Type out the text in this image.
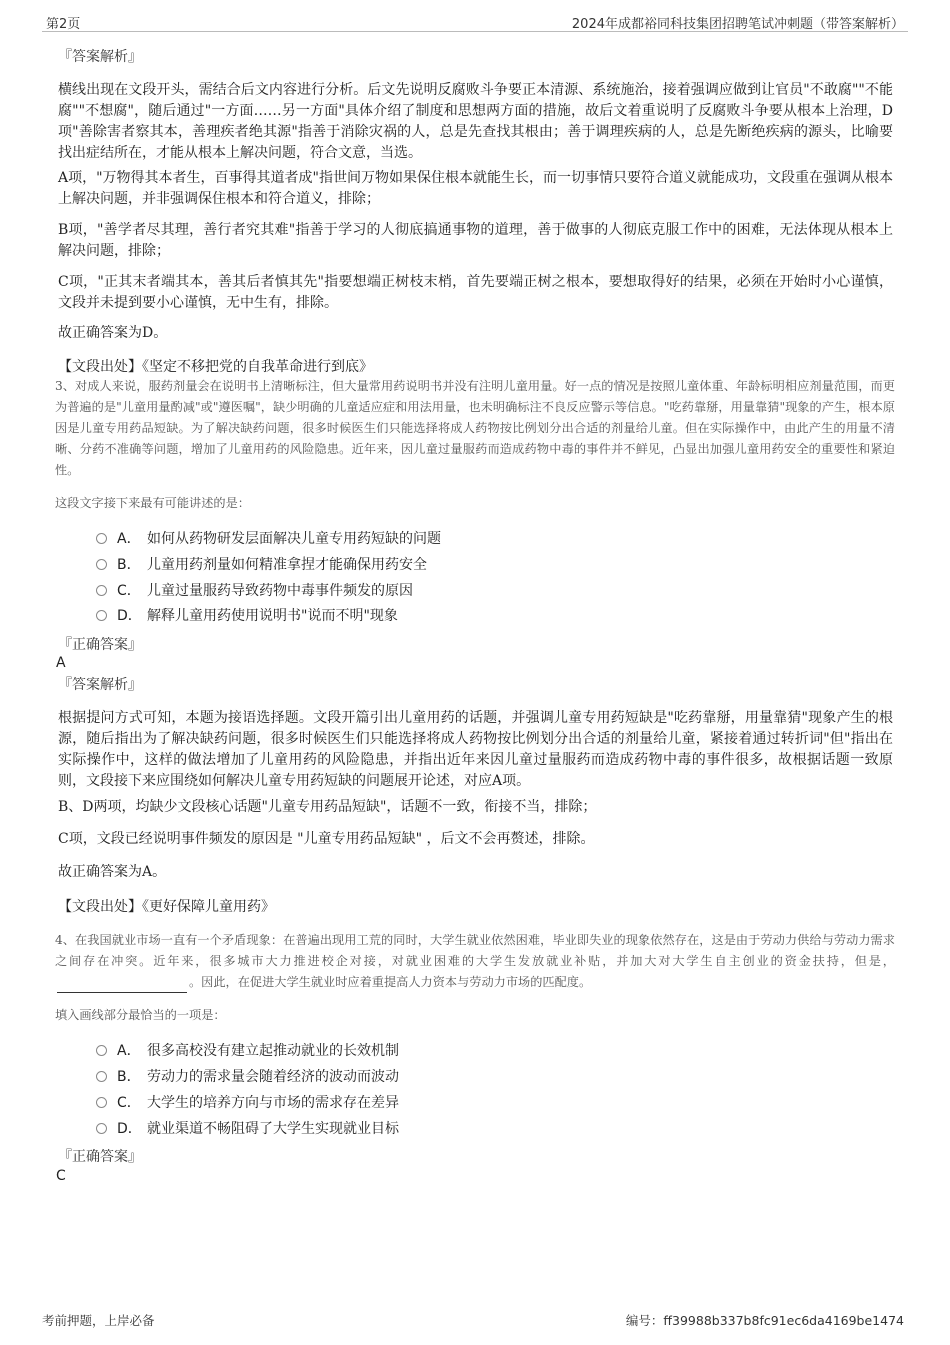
第2页	2024年成都裕同科技集团招聘笔试冲刺题（带答案解析）
『答案解析』
横线出现在文段开头，需结合后文内容进行分析。后文先说明反腐败斗争要正本清源、系统施治，接着强调应做到让官员"不敢腐""不能腐""不想腐"，随后通过"一方面……另一方面"具体介绍了制度和思想两方面的措施，故后文着重说明了反腐败斗争要从根本上治理，D项"善除害者察其本，善理疾者绝其源"指善于消除灾祸的人，总是先查找其根由；善于调理疾病的人，总是先断绝疾病的源头，比喻要找出症结所在，才能从根本上解决问题，符合文意，当选。
A项，"万物得其本者生，百事得其道者成"指世间万物如果保住根本就能生长，而一切事情只要符合道义就能成功，文段重在强调从根本上解决问题，并非强调保住根本和符合道义，排除；
B项，"善学者尽其理，善行者究其难"指善于学习的人彻底搞通事物的道理，善于做事的人彻底克服工作中的困难，无法体现从根本上解决问题，排除；
C项，"正其末者端其本，善其后者慎其先"指要想端正树枝末梢，首先要端正树之根本，要想取得好的结果，必须在开始时小心谨慎，文段并未提到要小心谨慎，无中生有，排除。
故正确答案为D。
【文段出处】《坚定不移把党的自我革命进行到底》
3、对成人来说，服药剂量会在说明书上清晰标注，但大量常用药说明书并没有注明儿童用量。好一点的情况是按照儿童体重、年龄标明相应剂量范围，而更为普遍的是"儿童用量酌减"或"遵医嘱"，缺少明确的儿童适应症和用法用量，也未明确标注不良反应警示等信息。"吃药靠掰，用量靠猜"现象的产生，根本原因是儿童专用药品短缺。为了解决缺药问题，很多时候医生们只能选择将成人药物按比例划分出合适的剂量给儿童。但在实际操作中，由此产生的用量不清晰、分药不准确等问题，增加了儿童用药的风险隐患。近年来，因儿童过量服药而造成药物中毒的事件并不鲜见，凸显出加强儿童用药安全的重要性和紧迫性。
这段文字接下来最有可能讲述的是：
A． 如何从药物研发层面解决儿童专用药短缺的问题
B． 儿童用药剂量如何精准拿捏才能确保用药安全
C． 儿童过量服药导致药物中毒事件频发的原因
D． 解释儿童用药使用说明书"说而不明"现象
『正确答案』
A
『答案解析』
根据提问方式可知，本题为接语选择题。文段开篇引出儿童用药的话题，并强调儿童专用药短缺是"吃药靠掰，用量靠猜"现象产生的根源，随后指出为了解决缺药问题，很多时候医生们只能选择将成人药物按比例划分出合适的剂量给儿童，紧接着通过转折词"但"指出在实际操作中，这样的做法增加了儿童用药的风险隐患，并指出近年来因儿童过量服药而造成药物中毒的事件很多，故根据话题一致原则，文段接下来应围绕如何解决儿童专用药短缺的问题展开论述，对应A项。
B、D两项，均缺少文段核心话题"儿童专用药品短缺"，话题不一致，衔接不当，排除；
C项，文段已经说明事件频发的原因是 "儿童专用药品短缺" ，后文不会再赘述，排除。
故正确答案为A。
【文段出处】《更好保障儿童用药》
4、在我国就业市场一直有一个矛盾现象：在普遍出现用工荒的同时，大学生就业依然困难，毕业即失业的现象依然存在，这是由于劳动力供给与劳动力需求之间存在冲突。近年来，很多城市大力推进校企对接，对就业困难的大学生发放就业补贴，并加大对大学生自主创业的资金扶持，但是，。因此，在促进大学生就业时应着重提高人力资本与劳动力市场的匹配度。
填入画线部分最恰当的一项是：
A． 很多高校没有建立起推动就业的长效机制
B． 劳动力的需求量会随着经济的波动而波动
C． 大学生的培养方向与市场的需求存在差异
D． 就业渠道不畅阻碍了大学生实现就业目标
『正确答案』
C
考前押题，上岸必备	编号：ff39988b337b8fc91ec6da4169be1474
